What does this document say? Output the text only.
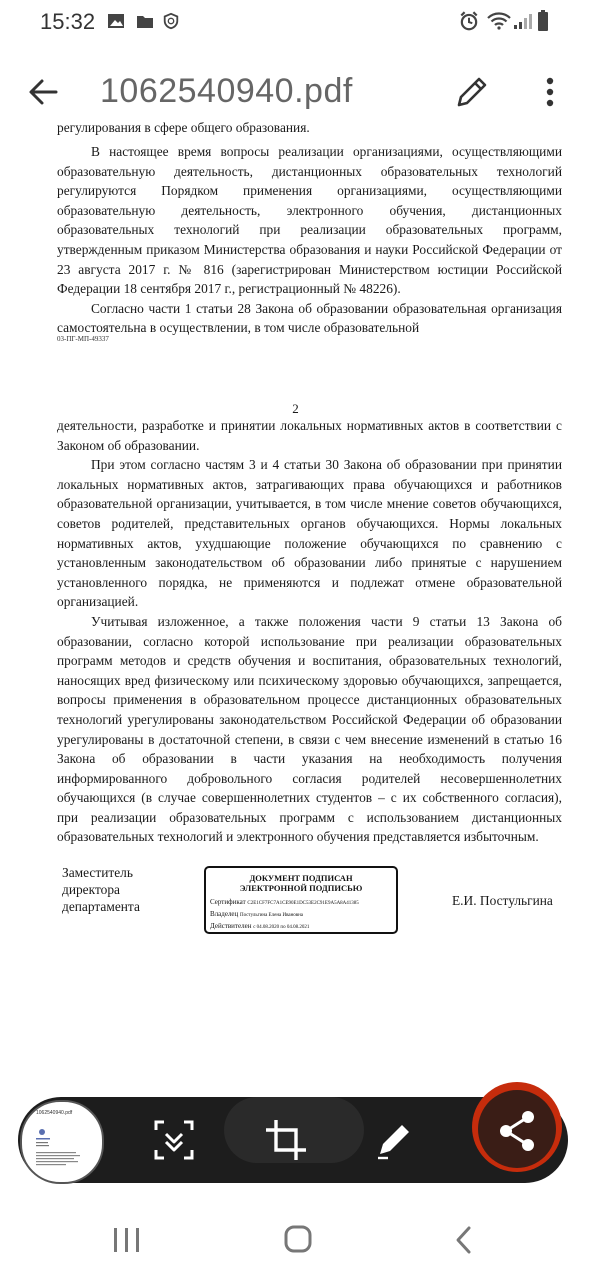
15:32
1062540940.pdf
регулирования в сфере общего образования.

В настоящее время вопросы реализации организациями, осуществляющими образовательную деятельность, дистанционных образовательных технологий регулируются Порядком применения организациями, осуществляющими образовательную деятельность, электронного обучения, дистанционных образовательных технологий при реализации образовательных программ, утвержденным приказом Министерства образования и науки Российской Федерации от 23 августа 2017 г. № 816 (зарегистрирован Министерством юстиции Российской Федерации 18 сентября 2017 г., регистрационный № 48226).

Согласно части 1 статьи 28 Закона об образовании образовательная организация самостоятельна в осуществлении, в том числе образовательной

03-ПГ-МП-49337
2

деятельности, разработке и принятии локальных нормативных актов в соответствии с Законом об образовании.

При этом согласно частям 3 и 4 статьи 30 Закона об образовании при принятии локальных нормативных актов, затрагивающих права обучающихся и работников образовательной организации, учитывается, в том числе мнение советов обучающихся, советов родителей, представительных органов обучающихся. Нормы локальных нормативных актов, ухудшающие положение обучающихся по сравнению с установленным законодательством об образовании либо принятые с нарушением установленного порядка, не применяются и подлежат отмене образовательной организацией.

Учитывая изложенное, а также положения части 9 статьи 13 Закона об образовании, согласно которой использование при реализации образовательных программ методов и средств обучения и воспитания, образовательных технологий, наносящих вред физическому или психическому здоровью обучающихся, запрещается, вопросы применения в образовательном процессе дистанционных образовательных технологий урегулированы законодательством Российской Федерации об образовании урегулированы в достаточной степени, в связи с чем внесение изменений в статью 16 Закона об образовании в части указания на необходимость получения информированного добровольного согласия родителей несовершеннолетних обучающихся (в случае совершеннолетних студентов – с их собственного согласия), при реализации образовательных программ с использованием дистанционных образовательных технологий и электронного обучения представляется избыточным.

Заместитель
директора
департамента
ДОКУМЕНТ ПОДПИСАН
ЭЛЕКТРОННОЙ ПОДПИСЬЮ
Сертификат C2E1CF7FC7A1CE90E1DC53E2C91E9A5A8A41385
Владелец Постульгина Елена Ивановна
Действителен с 04.08.2020 по 04.08.2021
Е.И. Постульгина
1062540940.pdf
